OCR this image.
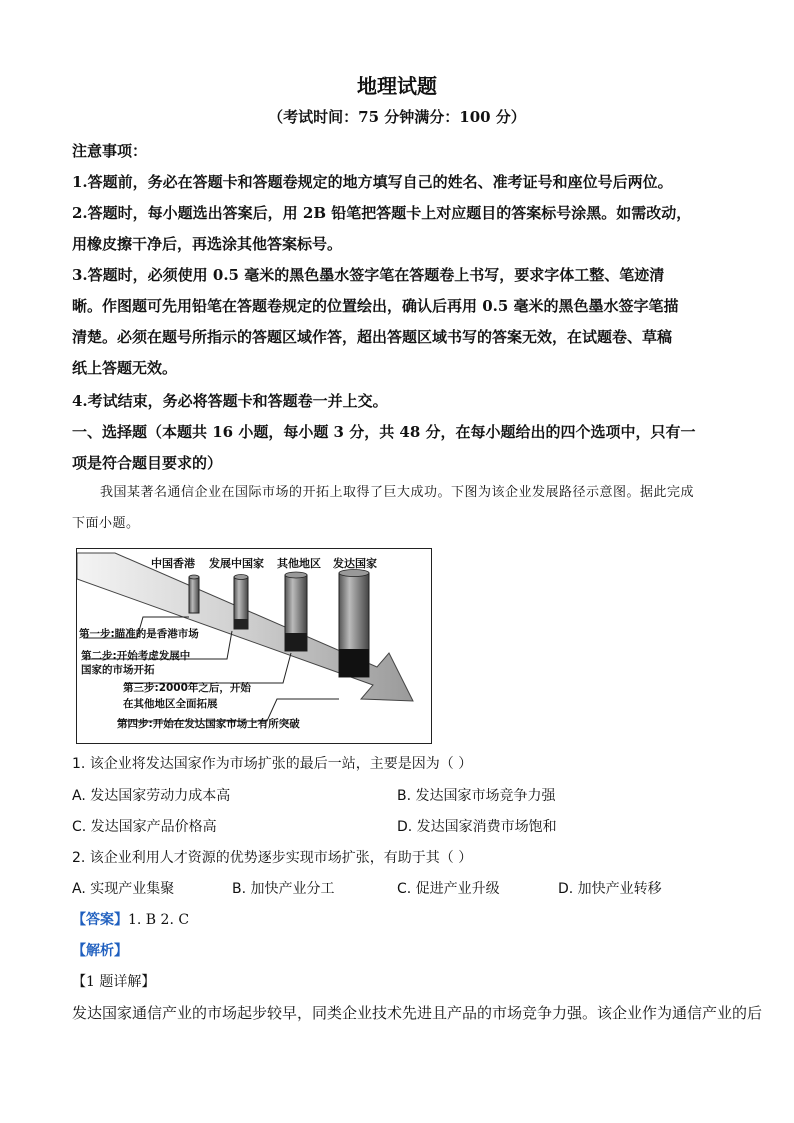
地理试题
（考试时间：75 分钟满分：100 分）
注意事项：
1.答题前，务必在答题卡和答题卷规定的地方填写自己的姓名、准考证号和座位号后两位。
2.答题时，每小题选出答案后，用 2B 铅笔把答题卡上对应题目的答案标号涂黑。如需改动，
用橡皮擦干净后，再选涂其他答案标号。
3.答题时，必须使用 0.5 毫米的黑色墨水签字笔在答题卷上书写，要求字体工整、笔迹清
晰。作图题可先用铅笔在答题卷规定的位置绘出，确认后再用 0.5 毫米的黑色墨水签字笔描
清楚。必须在题号所指示的答题区域作答，超出答题区域书写的答案无效，在试题卷、草稿
纸上答题无效。
4.考试结束，务必将答题卡和答题卷一并上交。
一、选择题（本题共 16 小题，每小题 3 分，共 48 分，在每小题给出的四个选项中，只有一
项是符合题目要求的）
我国某著名通信企业在国际市场的开拓上取得了巨大成功。下图为该企业发展路径示意图。据此完成
下面小题。
中国香港 发展中国家 其他地区 发达国家
第一步:瞄准的是香港市场
第二步:开始考虑发展中
国家的市场开拓
第三步:2000年之后，开始
在其他地区全面拓展
第四步:开始在发达国家市场上有所突破
1. 该企业将发达国家作为市场扩张的最后一站，主要是因为（ ）
A. 发达国家劳动力成本高	B. 发达国家市场竞争力强
C. 发达国家产品价格高	D. 发达国家消费市场饱和
2. 该企业利用人才资源的优势逐步实现市场扩张，有助于其（ ）
A. 实现产业集聚	B. 加快产业分工	C. 促进产业升级	D. 加快产业转移
【答案】1. B 2. C
【解析】
【1 题详解】
发达国家通信产业的市场起步较早，同类企业技术先进且产品的市场竞争力强。该企业作为通信产业的后
